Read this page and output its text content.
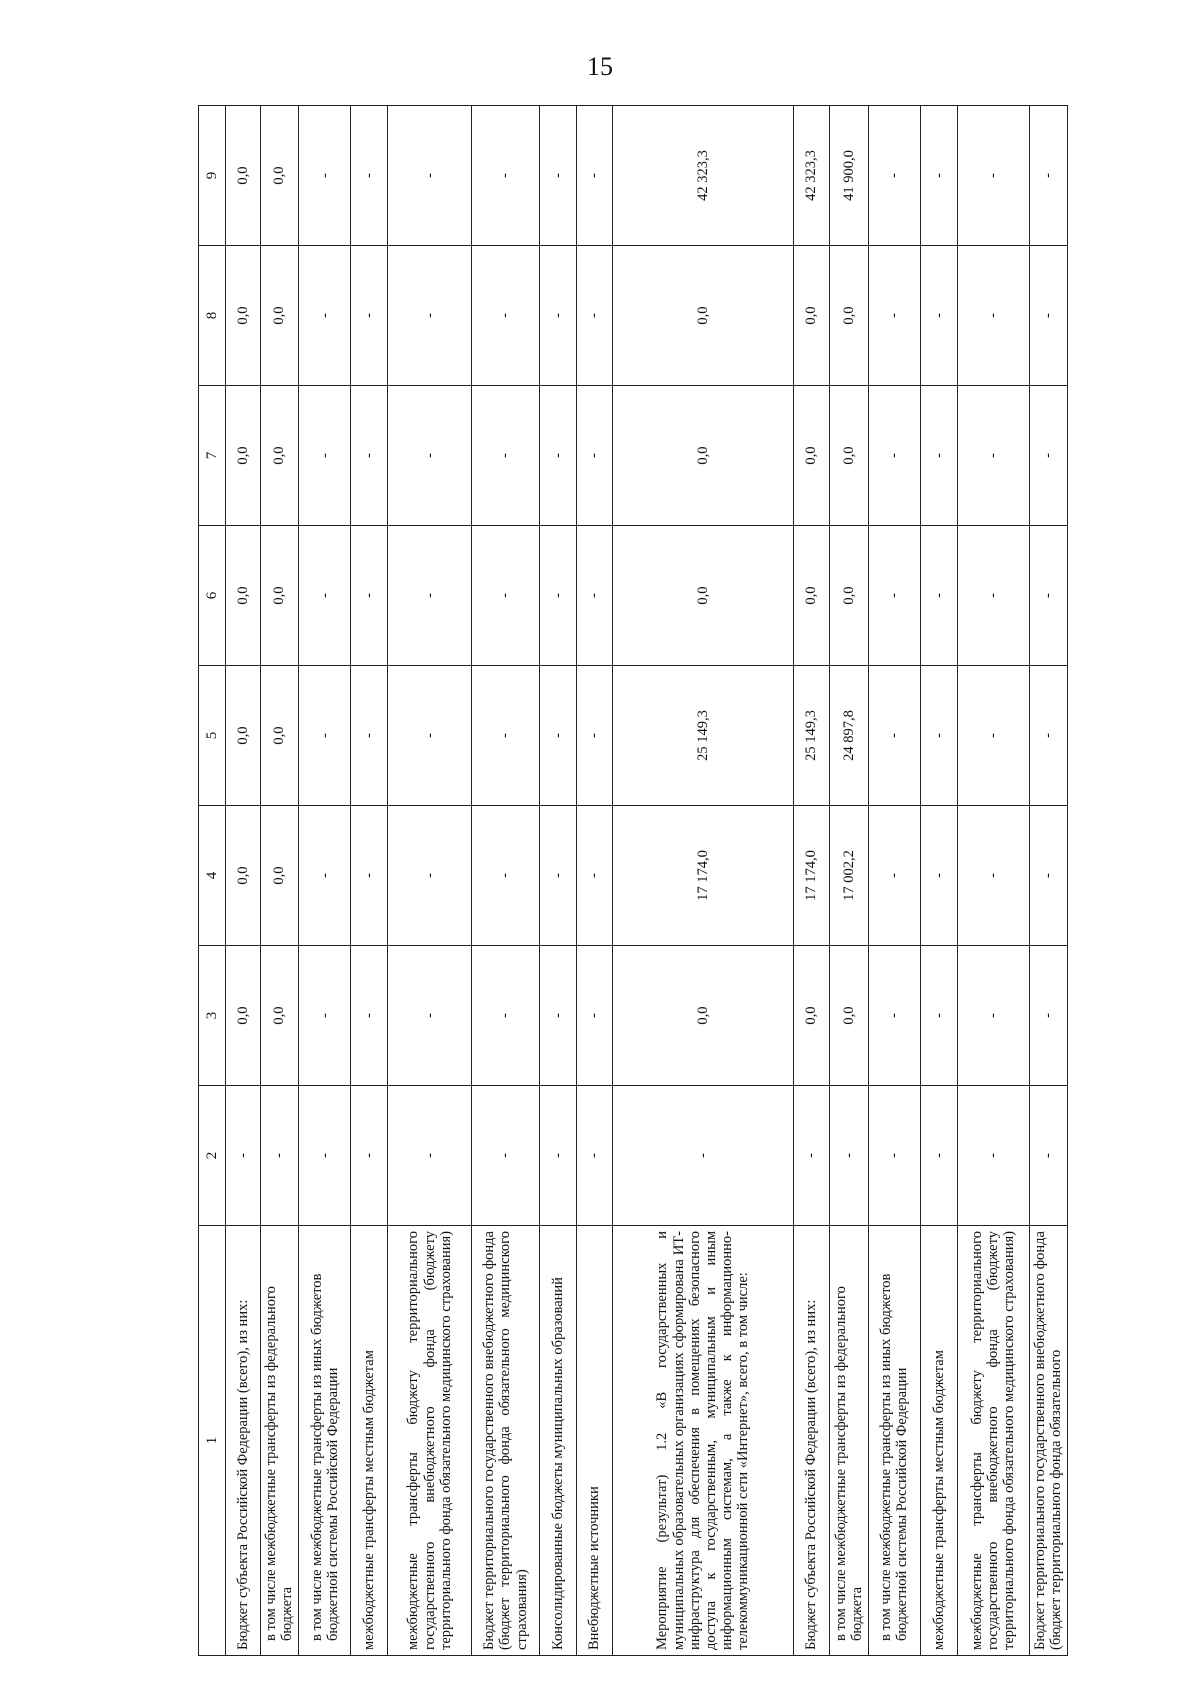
15
1	2	3	4	5	6	7	8	9
Бюджет субъекта Российской Федерации (всего), из них:	-	0,0	0,0	0,0	0,0	0,0	0,0	0,0
в том числе межбюджетные трансферты из федерального бюджета	-	0,0	0,0	0,0	0,0	0,0	0,0	0,0
в том числе межбюджетные трансферты из иных бюджетов бюджетной системы Российской Федерации	-	-	-	-	-	-	-	-
межбюджетные трансферты местным бюджетам	-	-	-	-	-	-	-	-
межбюджетные трансферты бюджету территориального государственного внебюджетного фонда (бюджету территориального фонда обязательного медицинского страхования)	-	-	-	-	-	-	-	-
Бюджет территориального государственного внебюджетного фонда (бюджет территориального фонда обязательного медицинского страхования)	-	-	-	-	-	-	-	-
Консолидированные бюджеты муниципальных образований	-	-	-	-	-	-	-	-
Внебюджетные источники	-	-	-	-	-	-	-	-
Мероприятие (результат) 1.2 «В государственных и муниципальных образовательных организациях сформирована ИТ-инфраструктура для обеспечения в помещениях безопасного доступа к государственным, муниципальным и иным информационным системам, а также к информационно-телекоммуникационной сети «Интернет», всего, в том числе:	-	0,0	17 174,0	25 149,3	0,0	0,0	0,0	42 323,3
Бюджет субъекта Российской Федерации (всего), из них:	-	0,0	17 174,0	25 149,3	0,0	0,0	0,0	42 323,3
в том числе межбюджетные трансферты из федерального бюджета	-	0,0	17 002,2	24 897,8	0,0	0,0	0,0	41 900,0
в том числе межбюджетные трансферты из иных бюджетов бюджетной системы Российской Федерации	-	-	-	-	-	-	-	-
межбюджетные трансферты местным бюджетам	-	-	-	-	-	-	-	-
межбюджетные трансферты бюджету территориального государственного внебюджетного фонда (бюджету территориального фонда обязательного медицинского страхования)	-	-	-	-	-	-	-	-
Бюджет территориального государственного внебюджетного фонда (бюджет территориального фонда обязательного	-	-	-	-	-	-	-	-
